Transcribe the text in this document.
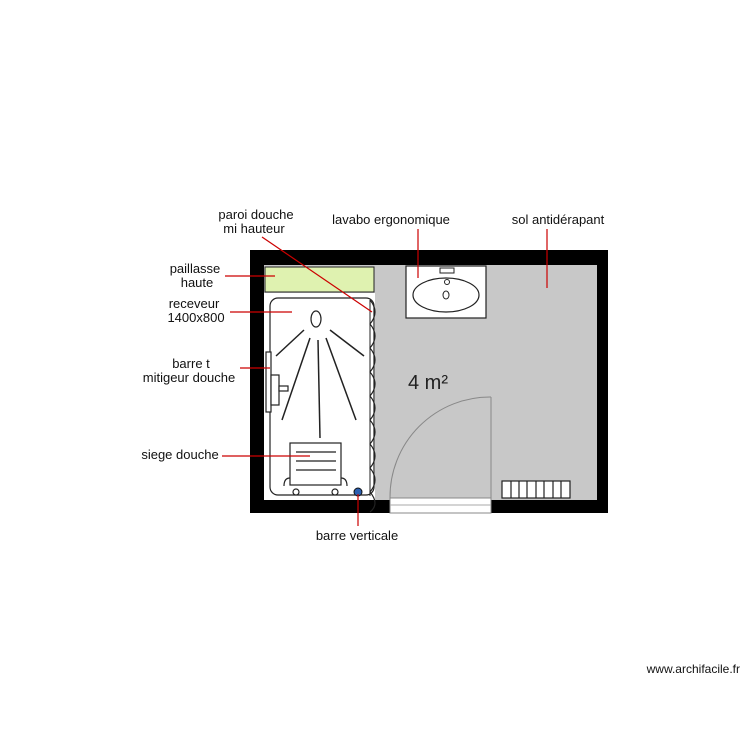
4 m²
paroi douche
mi hauteur
lavabo ergonomique	sol antidérapant
paillasse
haute
receveur
1400x800
barre t
mitigeur douche
siege douche
barre verticale
www.archifacile.fr
